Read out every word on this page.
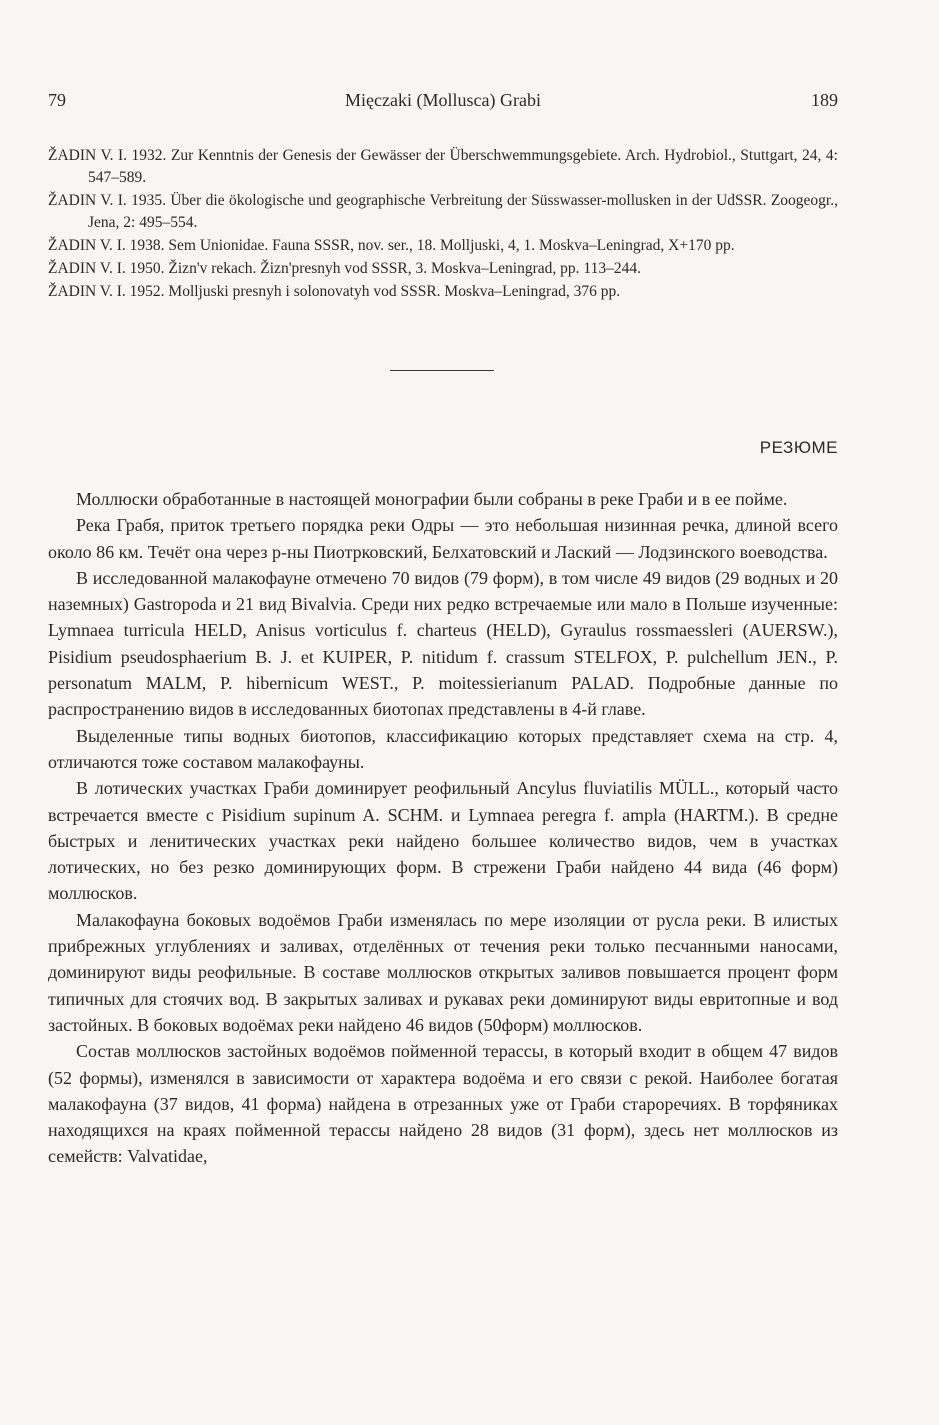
79	Mięczaki (Mollusca) Grabi	189
ŽADIN V. I. 1932. Zur Kenntnis der Genesis der Gewässer der Überschwemmungsgebiete. Arch. Hydrobiol., Stuttgart, 24, 4: 547–589.
ŽADIN V. I. 1935. Über die ökologische und geographische Verbreitung der Süsswasser-mollusken in der UdSSR. Zoogeogr., Jena, 2: 495–554.
ŽADIN V. I. 1938. Sem Unionidae. Fauna SSSR, nov. ser., 18. Molljuski, 4, 1. Moskva–Leningrad, X+170 pp.
ŽADIN V. I. 1950. Žizn'v rekach. Žizn'presnyh vod SSSR, 3. Moskva–Leningrad, pp. 113–244.
ŽADIN V. I. 1952. Molljuski presnyh i solonovatyh vod SSSR. Moskva–Leningrad, 376 pp.
РЕЗЮМЕ

Моллюски обработанные в настоящей монографии были собраны в реке Граби и в ее пойме.

Река Грабя, приток третьего порядка реки Одры — это небольшая низинная речка, длиной всего около 86 км. Течёт она через р-ны Пиотрковский, Белхатовский и Лаский — Лодзинского воеводства.

В исследованной малакофауне отмечено 70 видов (79 форм), в том числе 49 видов (29 водных и 20 наземных) Gastropoda и 21 вид Bivalvia. Среди них редко встречаемые или мало в Польше изученные: Lymnaea turricula HELD, Anisus vorticulus f. charteus (HELD), Gyraulus rossmaessleri (AUERSW.), Pisidium pseudosphaerium B. J. et KUIPER, P. nitidum f. crassum STELFOX, P. pulchellum JEN., P. personatum MALM, P. hibernicum WEST., P. moitessierianum PALAD. Подробные данные по распространению видов в исследованных биотопах представлены в 4-й главе.

Выделенные типы водных биотопов, классификацию которых представляет схема на стр. 4, отличаются тоже составом малакофауны.

В лотических участках Граби доминирует реофильный Ancylus fluviatilis MÜLL., который часто встречается вместе с Pisidium supinum A. SCHM. и Lymnaea peregra f. ampla (HARTM.). В средне быстрых и ленитических участках реки найдено большее количество видов, чем в участках лотических, но без резко доминирующих форм. В стрежени Граби найдено 44 вида (46 форм) моллюсков.

Малакофауна боковых водоёмов Граби изменялась по мере изоляции от русла реки. В илистых прибрежных углублениях и заливах, отделённых от течения реки только песчанными наносами, доминируют виды реофильные. В составе моллюсков открытых заливов повышается процент форм типичных для стоячих вод. В закрытых заливах и рукавах реки доминируют виды евритопные и вод застойных. В боковых водоёмах реки найдено 46 видов (50форм) моллюсков.

Состав моллюсков застойных водоёмов пойменной терассы, в который входит в общем 47 видов (52 формы), изменялся в зависимости от характера водоёма и его связи с рекой. Наиболее богатая малакофауна (37 видов, 41 форма) найдена в отрезанных уже от Граби староречиях. В торфяниках находящихся на краях пойменной терассы найдено 28 видов (31 форм), здесь нет моллюсков из семейств: Valvatidae,
